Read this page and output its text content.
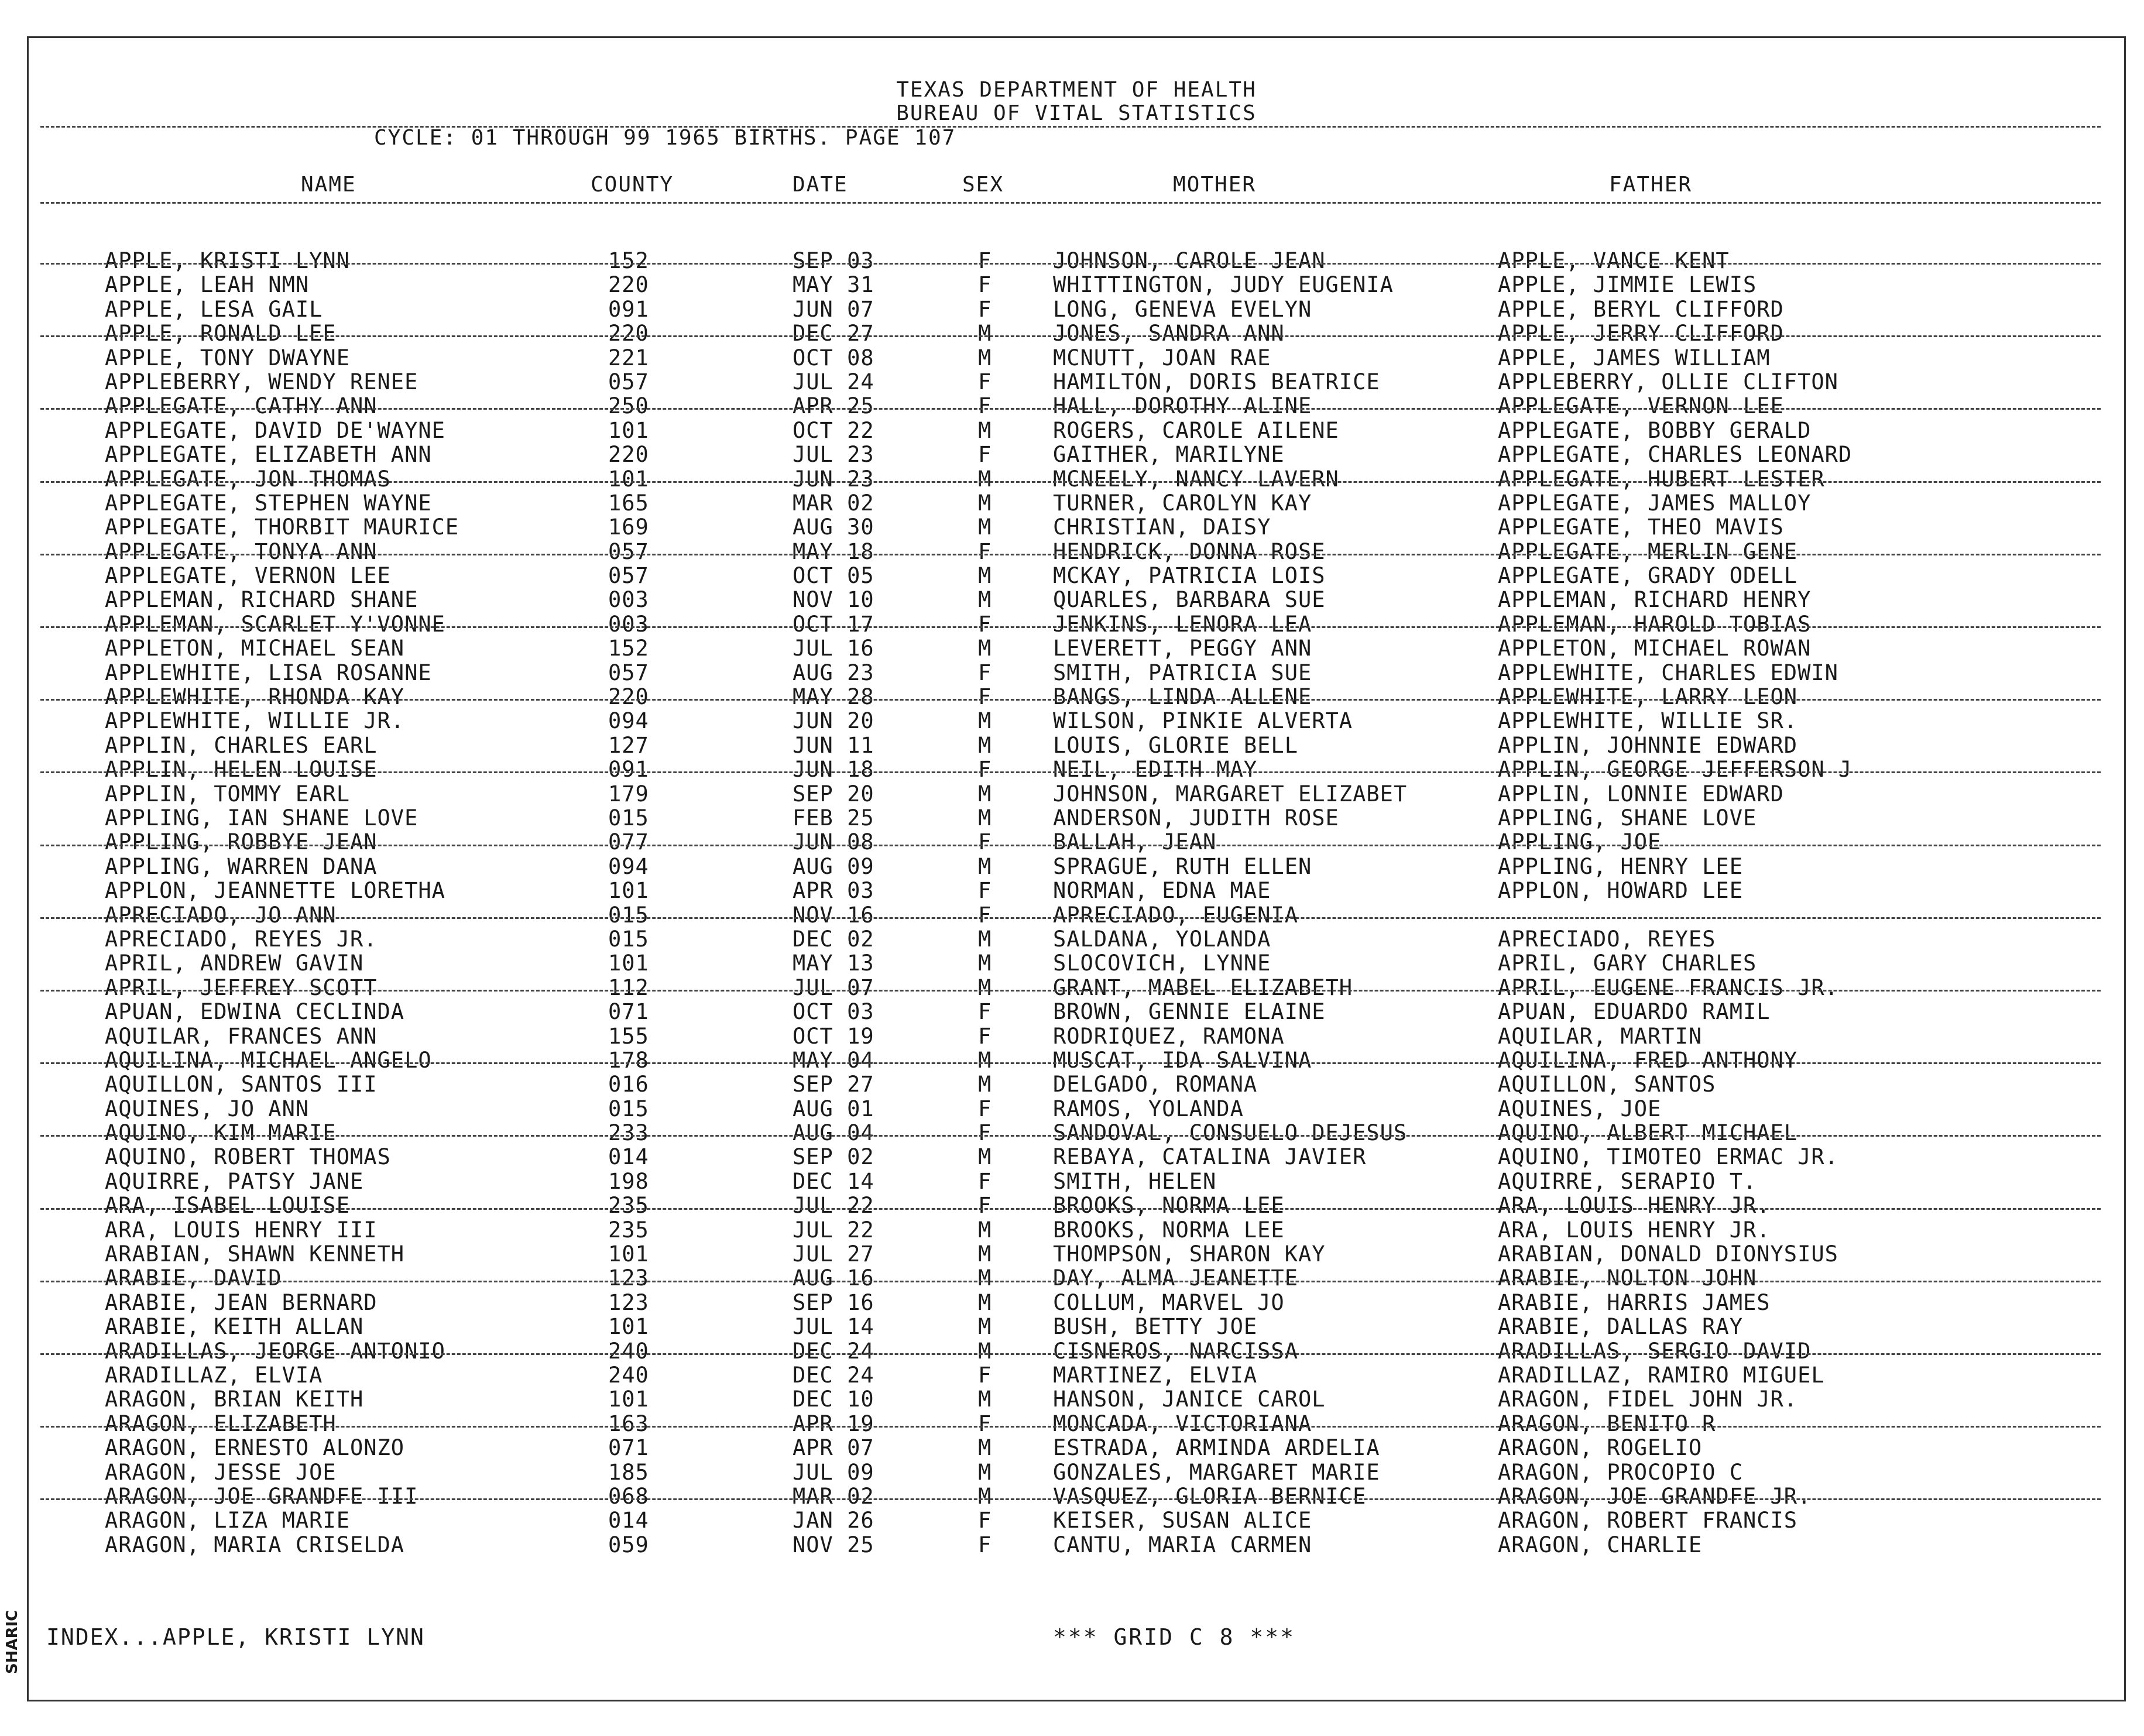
TEXAS DEPARTMENT OF HEALTH
BUREAU OF VITAL STATISTICS
CYCLE: 01 THROUGH 99 1965 BIRTHS. PAGE 107
NAME	COUNTY	DATE	SEX	MOTHER	FATHER
APPLE, KRISTI LYNN	152	SEP 03	F	JOHNSON, CAROLE JEAN	APPLE, VANCE KENT
APPLE, LEAH NMN	220	MAY 31	F	WHITTINGTON, JUDY EUGENIA	APPLE, JIMMIE LEWIS
APPLE, LESA GAIL	091	JUN 07	F	LONG, GENEVA EVELYN	APPLE, BERYL CLIFFORD
APPLE, RONALD LEE	220	DEC 27	M	JONES, SANDRA ANN	APPLE, JERRY CLIFFORD
APPLE, TONY DWAYNE	221	OCT 08	M	MCNUTT, JOAN RAE	APPLE, JAMES WILLIAM
APPLEBERRY, WENDY RENEE	057	JUL 24	F	HAMILTON, DORIS BEATRICE	APPLEBERRY, OLLIE CLIFTON
APPLEGATE, CATHY ANN	250	APR 25	F	HALL, DOROTHY ALINE	APPLEGATE, VERNON LEE
APPLEGATE, DAVID DE'WAYNE	101	OCT 22	M	ROGERS, CAROLE AILENE	APPLEGATE, BOBBY GERALD
APPLEGATE, ELIZABETH ANN	220	JUL 23	F	GAITHER, MARILYNE	APPLEGATE, CHARLES LEONARD
APPLEGATE, JON THOMAS	101	JUN 23	M	MCNEELY, NANCY LAVERN	APPLEGATE, HUBERT LESTER
APPLEGATE, STEPHEN WAYNE	165	MAR 02	M	TURNER, CAROLYN KAY	APPLEGATE, JAMES MALLOY
APPLEGATE, THORBIT MAURICE	169	AUG 30	M	CHRISTIAN, DAISY	APPLEGATE, THEO MAVIS
APPLEGATE, TONYA ANN	057	MAY 18	F	HENDRICK, DONNA ROSE	APPLEGATE, MERLIN GENE
APPLEGATE, VERNON LEE	057	OCT 05	M	MCKAY, PATRICIA LOIS	APPLEGATE, GRADY ODELL
APPLEMAN, RICHARD SHANE	003	NOV 10	M	QUARLES, BARBARA SUE	APPLEMAN, RICHARD HENRY
APPLEMAN, SCARLET Y'VONNE	003	OCT 17	F	JENKINS, LENORA LEA	APPLEMAN, HAROLD TOBIAS
APPLETON, MICHAEL SEAN	152	JUL 16	M	LEVERETT, PEGGY ANN	APPLETON, MICHAEL ROWAN
APPLEWHITE, LISA ROSANNE	057	AUG 23	F	SMITH, PATRICIA SUE	APPLEWHITE, CHARLES EDWIN
APPLEWHITE, RHONDA KAY	220	MAY 28	F	BANGS, LINDA ALLENE	APPLEWHITE, LARRY LEON
APPLEWHITE, WILLIE JR.	094	JUN 20	M	WILSON, PINKIE ALVERTA	APPLEWHITE, WILLIE SR.
APPLIN, CHARLES EARL	127	JUN 11	M	LOUIS, GLORIE BELL	APPLIN, JOHNNIE EDWARD
APPLIN, HELEN LOUISE	091	JUN 18	F	NEIL, EDITH MAY	APPLIN, GEORGE JEFFERSON J
APPLIN, TOMMY EARL	179	SEP 20	M	JOHNSON, MARGARET ELIZABET	APPLIN, LONNIE EDWARD
APPLING, IAN SHANE LOVE	015	FEB 25	M	ANDERSON, JUDITH ROSE	APPLING, SHANE LOVE
APPLING, ROBBYE JEAN	077	JUN 08	F	BALLAH, JEAN	APPLING, JOE
APPLING, WARREN DANA	094	AUG 09	M	SPRAGUE, RUTH ELLEN	APPLING, HENRY LEE
APPLON, JEANNETTE LORETHA	101	APR 03	F	NORMAN, EDNA MAE	APPLON, HOWARD LEE
APRECIADO, JO ANN	015	NOV 16	F	APRECIADO, EUGENIA
APRECIADO, REYES JR.	015	DEC 02	M	SALDANA, YOLANDA	APRECIADO, REYES
APRIL, ANDREW GAVIN	101	MAY 13	M	SLOCOVICH, LYNNE	APRIL, GARY CHARLES
APRIL, JEFFREY SCOTT	112	JUL 07	M	GRANT, MABEL ELIZABETH	APRIL, EUGENE FRANCIS JR.
APUAN, EDWINA CECLINDA	071	OCT 03	F	BROWN, GENNIE ELAINE	APUAN, EDUARDO RAMIL
AQUILAR, FRANCES ANN	155	OCT 19	F	RODRIQUEZ, RAMONA	AQUILAR, MARTIN
AQUILINA, MICHAEL ANGELO	178	MAY 04	M	MUSCAT, IDA SALVINA	AQUILINA, FRED ANTHONY
AQUILLON, SANTOS III	016	SEP 27	M	DELGADO, ROMANA	AQUILLON, SANTOS
AQUINES, JO ANN	015	AUG 01	F	RAMOS, YOLANDA	AQUINES, JOE
AQUINO, KIM MARIE	233	AUG 04	F	SANDOVAL, CONSUELO DEJESUS	AQUINO, ALBERT MICHAEL
AQUINO, ROBERT THOMAS	014	SEP 02	M	REBAYA, CATALINA JAVIER	AQUINO, TIMOTEO ERMAC JR.
AQUIRRE, PATSY JANE	198	DEC 14	F	SMITH, HELEN	AQUIRRE, SERAPIO T.
ARA, ISABEL LOUISE	235	JUL 22	F	BROOKS, NORMA LEE	ARA, LOUIS HENRY JR.
ARA, LOUIS HENRY III	235	JUL 22	M	BROOKS, NORMA LEE	ARA, LOUIS HENRY JR.
ARABIAN, SHAWN KENNETH	101	JUL 27	M	THOMPSON, SHARON KAY	ARABIAN, DONALD DIONYSIUS
ARABIE, DAVID	123	AUG 16	M	DAY, ALMA JEANETTE	ARABIE, NOLTON JOHN
ARABIE, JEAN BERNARD	123	SEP 16	M	COLLUM, MARVEL JO	ARABIE, HARRIS JAMES
ARABIE, KEITH ALLAN	101	JUL 14	M	BUSH, BETTY JOE	ARABIE, DALLAS RAY
ARADILLAS, JEORGE ANTONIO	240	DEC 24	M	CISNEROS, NARCISSA	ARADILLAS, SERGIO DAVID
ARADILLAZ, ELVIA	240	DEC 24	F	MARTINEZ, ELVIA	ARADILLAZ, RAMIRO MIGUEL
ARAGON, BRIAN KEITH	101	DEC 10	M	HANSON, JANICE CAROL	ARAGON, FIDEL JOHN JR.
ARAGON, ELIZABETH	163	APR 19	F	MONCADA, VICTORIANA	ARAGON, BENITO R
ARAGON, ERNESTO ALONZO	071	APR 07	M	ESTRADA, ARMINDA ARDELIA	ARAGON, ROGELIO
ARAGON, JESSE JOE	185	JUL 09	M	GONZALES, MARGARET MARIE	ARAGON, PROCOPIO C
ARAGON, JOE GRANDFE III	068	MAR 02	M	VASQUEZ, GLORIA BERNICE	ARAGON, JOE GRANDFE JR.
ARAGON, LIZA MARIE	014	JAN 26	F	KEISER, SUSAN ALICE	ARAGON, ROBERT FRANCIS
ARAGON, MARIA CRISELDA	059	NOV 25	F	CANTU, MARIA CARMEN	ARAGON, CHARLIE
INDEX...APPLE, KRISTI LYNN	*** GRID C 8 ***
SHARIC
